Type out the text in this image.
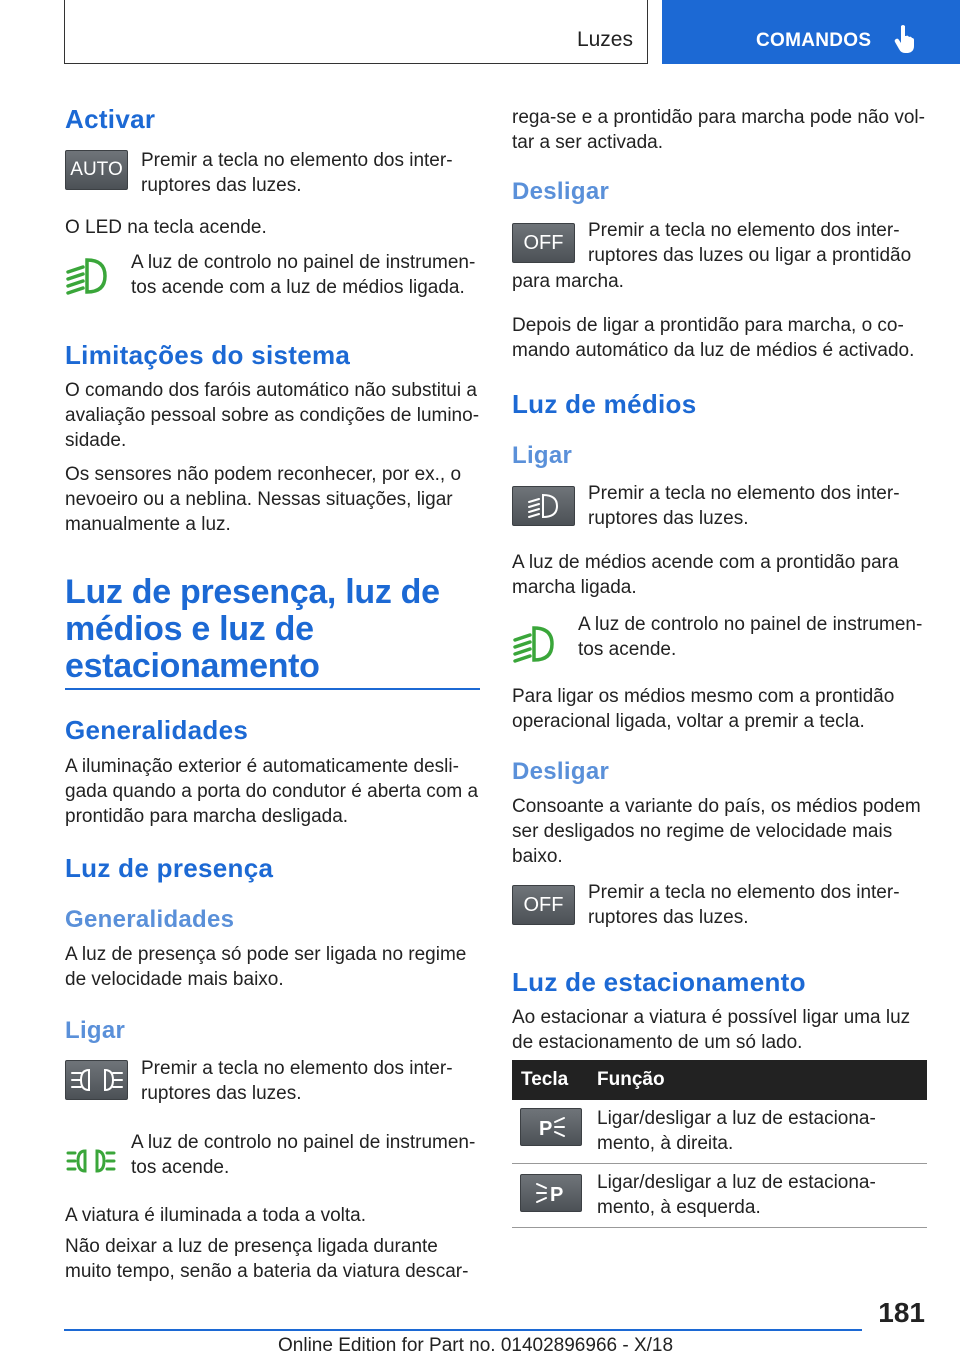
Luzes	COMANDOS
Activar
AUTO Premir a tecla no elemento dos inter-
ruptores das luzes.

O LED na tecla acende.

A luz de controlo no painel de instrumen-
tos acende com a luz de médios ligada.

Limitações do sistema

O comando dos faróis automático não substitui a avaliação pessoal sobre as condições de lumino-
sidade.

Os sensores não podem reconhecer, por ex., o nevoeiro ou a neblina. Nessas situações, ligar manualmente a luz.

Luz de presença, luz de
médios e luz de
estacionamento
Generalidades

A iluminação exterior é automaticamente desli-
gada quando a porta do condutor é aberta com a prontidão para marcha desligada.

Luz de presença
Generalidades

A luz de presença só pode ser ligada no regime de velocidade mais baixo.

Ligar

Premir a tecla no elemento dos inter-
ruptores das luzes.

A luz de controlo no painel de instrumen-
tos acende.

A viatura é iluminada a toda a volta.

Não deixar a luz de presença ligada durante muito tempo, senão a bateria da viatura descar-

rega-se e a prontidão para marcha pode não vol-
tar a ser activada.

Desligar
OFF

Premir a tecla no elemento dos inter-
ruptores das luzes ou ligar a prontidão

para marcha.

Depois de ligar a prontidão para marcha, o co-
mando automático da luz de médios é activado.

Luz de médios
Ligar

Premir a tecla no elemento dos inter-
ruptores das luzes.

A luz de médios acende com a prontidão para marcha ligada.

A luz de controlo no painel de instrumen-
tos acende.

Para ligar os médios mesmo com a prontidão operacional ligada, voltar a premir a tecla.

Desligar

Consoante a variante do país, os médios podem ser desligados no regime de velocidade mais baixo.

OFF

Premir a tecla no elemento dos inter-
ruptores das luzes.

Luz de estacionamento

Ao estacionar a viatura é possível ligar uma luz de estacionamento de um só lado.

Tecla Função
P Ligar/desligar a luz de estaciona-
mento, à direita.

P

Ligar/desligar a luz de estaciona-
mento, à esquerda.

181
Online Edition for Part no. 01402896966 - X/18
